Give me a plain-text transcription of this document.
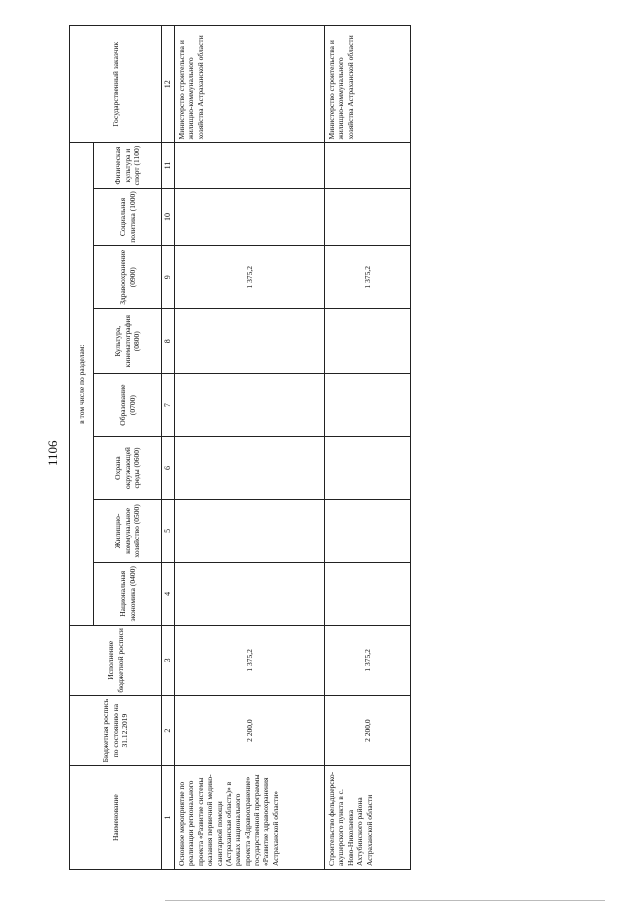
1106
Наименование	Бюджетная роспись по состоянию на 31.12.2019	Исполнение бюджетной росписи	в том числе по разделам:								Государственный заказчик
			Национальная экономика (0400)	Жилищно-коммунальное хозяйство (0500)	Охрана окружающей среды (0600)	Образование (0700)	Культура, кинематография (0800)	Здравоохранение (0900)	Социальная политика (1000)	Физическая культура и спорт (1100)	
1	2	3	4	5	6	7	8	9	10	11	12
Основное мероприятие по реализации регионального проекта «Развитие системы оказания первичной медико-санитарной помощи (Астраханская область)» в рамках национального проекта «Здравоохранение» государственной программы «Развитие здравоохранения Астраханской области»	2 200,0	1 375,2						1 375,2			Министерство строительства и жилищно-коммунального хозяйства Астраханской области
Строительство фельдшерско-акушерского пункта в с. Ново-Николаевка Ахтубинского района Астраханской области	2 200,0	1 375,2						1 375,2			Министерство строительства и жилищно-коммунального хозяйства Астраханской области
